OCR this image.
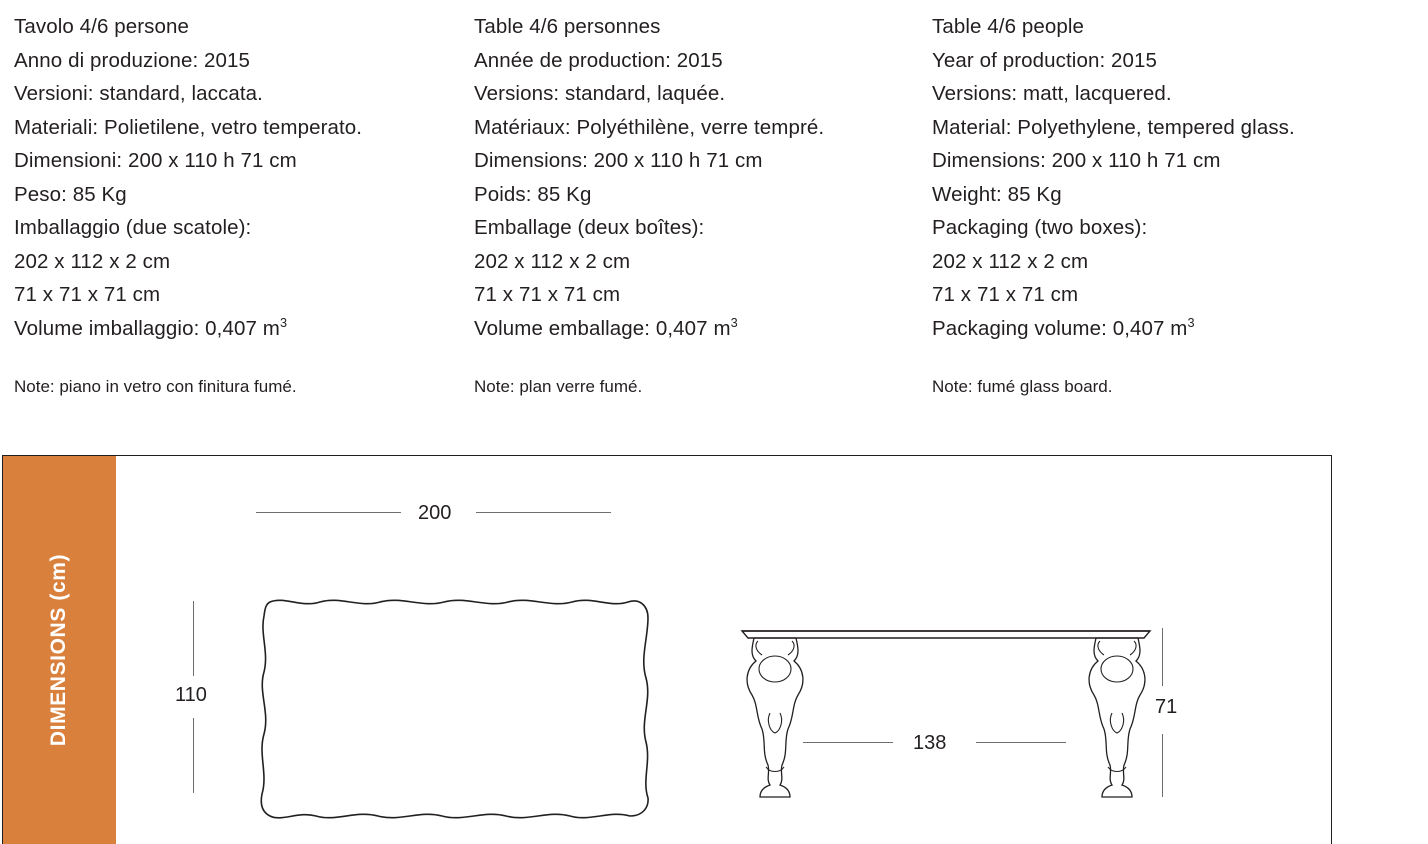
Tavolo 4/6 persone
Anno di produzione: 2015
Versioni: standard, laccata.
Materiali: Polietilene, vetro temperato.
Dimensioni: 200 x 110 h 71 cm
Peso: 85 Kg
Imballaggio (due scatole):
202 x 112 x 2 cm
71 x 71 x 71 cm
Volume imballaggio: 0,407 $m^3$
Note: piano in vetro con finitura fumé.
Table 4/6 personnes
Année de production: 2015
Versions: standard, laquée.
Matériaux: Polyéthilène, verre tempré.
Dimensions: 200 x 110 h 71 cm
Poids: 85 Kg
Emballage (deux boîtes):
202 x 112 x 2 cm
71 x 71 x 71 cm
Volume emballage: 0,407 $m^3$
Note: plan verre fumé.
Table 4/6 people
Year of production: 2015
Versions: matt, lacquered.
Material: Polyethylene, tempered glass.
Dimensions: 200 x 110 h 71 cm
Weight: 85 Kg
Packaging (two boxes):
202 x 112 x 2 cm
71 x 71 x 71 cm
Packaging volume: 0,407 $m^3$
Note: fumé glass board.
DIMENSIONS (cm)
200
110
138
71
